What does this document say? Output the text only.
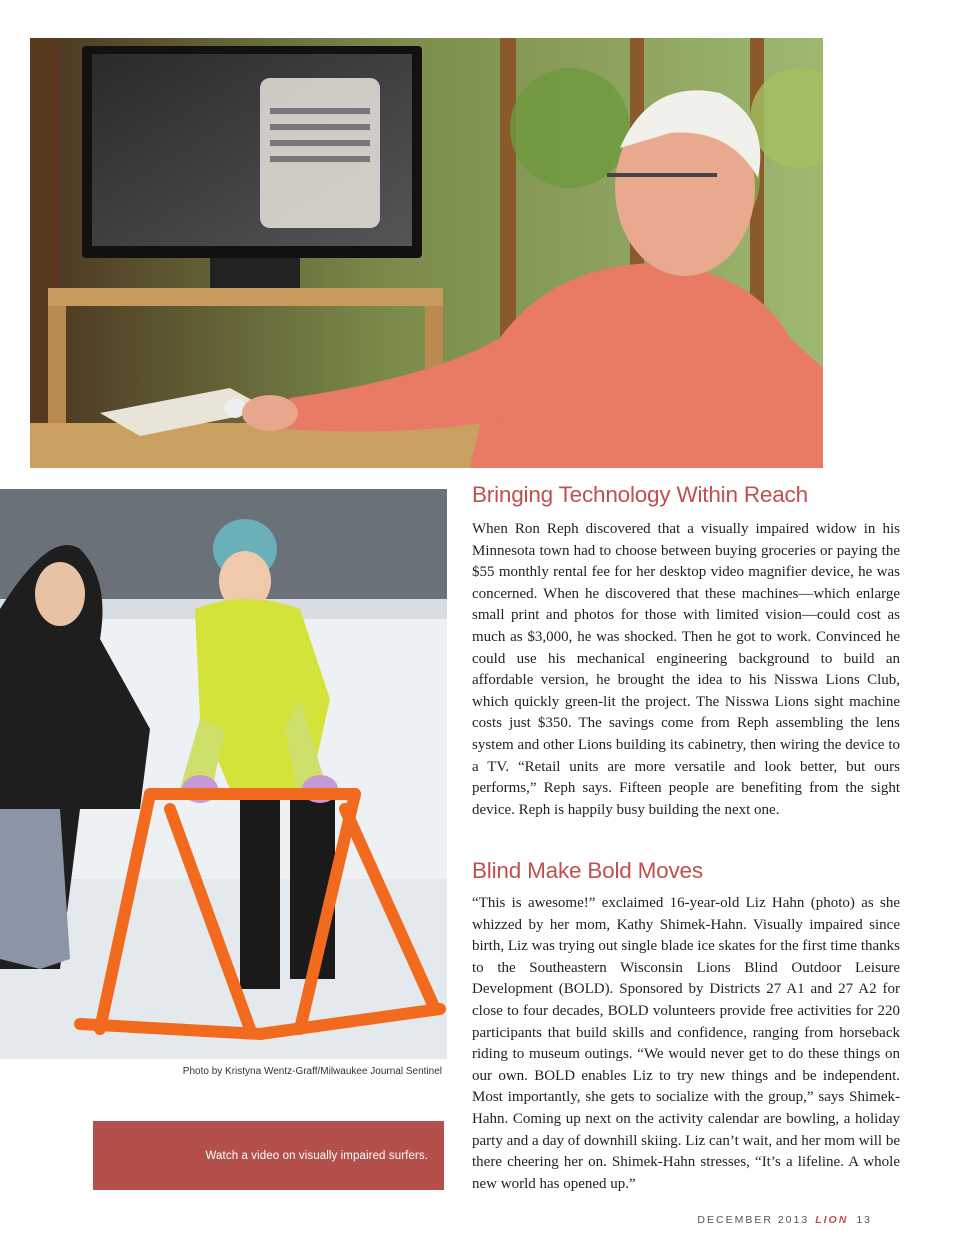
Photo by Kristyna Wentz-Graff/Milwaukee Journal Sentinel
Watch a video on visually impaired surfers.
Bringing Technology Within Reach

When Ron Reph discovered that a visually impaired widow in his Minnesota town had to choose between buying groceries or paying the $55 monthly rental fee for her desktop video magnifier device, he was concerned. When he discovered that these machines—which enlarge small print and photos for those with limited vision—could cost as much as $3,000, he was shocked. Then he got to work. Convinced he could use his mechanical engineering background to build an affordable version, he brought the idea to his Nisswa Lions Club, which quickly green-lit the project. The Nisswa Lions sight machine costs just $350. The savings come from Reph assembling the lens system and other Lions building its cabinetry, then wiring the device to a TV. “Retail units are more versatile and look better, but ours performs,” Reph says. Fifteen people are benefiting from the sight device. Reph is happily busy building the next one.

Blind Make Bold Moves

“This is awesome!” exclaimed 16-year-old Liz Hahn (photo) as she whizzed by her mom, Kathy Shimek-Hahn. Visually impaired since birth, Liz was trying out single blade ice skates for the first time thanks to the Southeastern Wisconsin Lions Blind Outdoor Leisure Development (BOLD). Sponsored by Districts 27 A1 and 27 A2 for close to four decades, BOLD volunteers provide free activities for 220 participants that build skills and confidence, ranging from horseback riding to museum outings. “We would never get to do these things on our own. BOLD enables Liz to try new things and be independent. Most importantly, she gets to socialize with the group,” says Shimek-Hahn. Coming up next on the activity calendar are bowling, a holiday party and a day of downhill skiing. Liz can’t wait, and her mom will be there cheering her on. Shimek-Hahn stresses, “It’s a lifeline. A whole new world has opened up.”

DECEMBER 2013 LION 13
